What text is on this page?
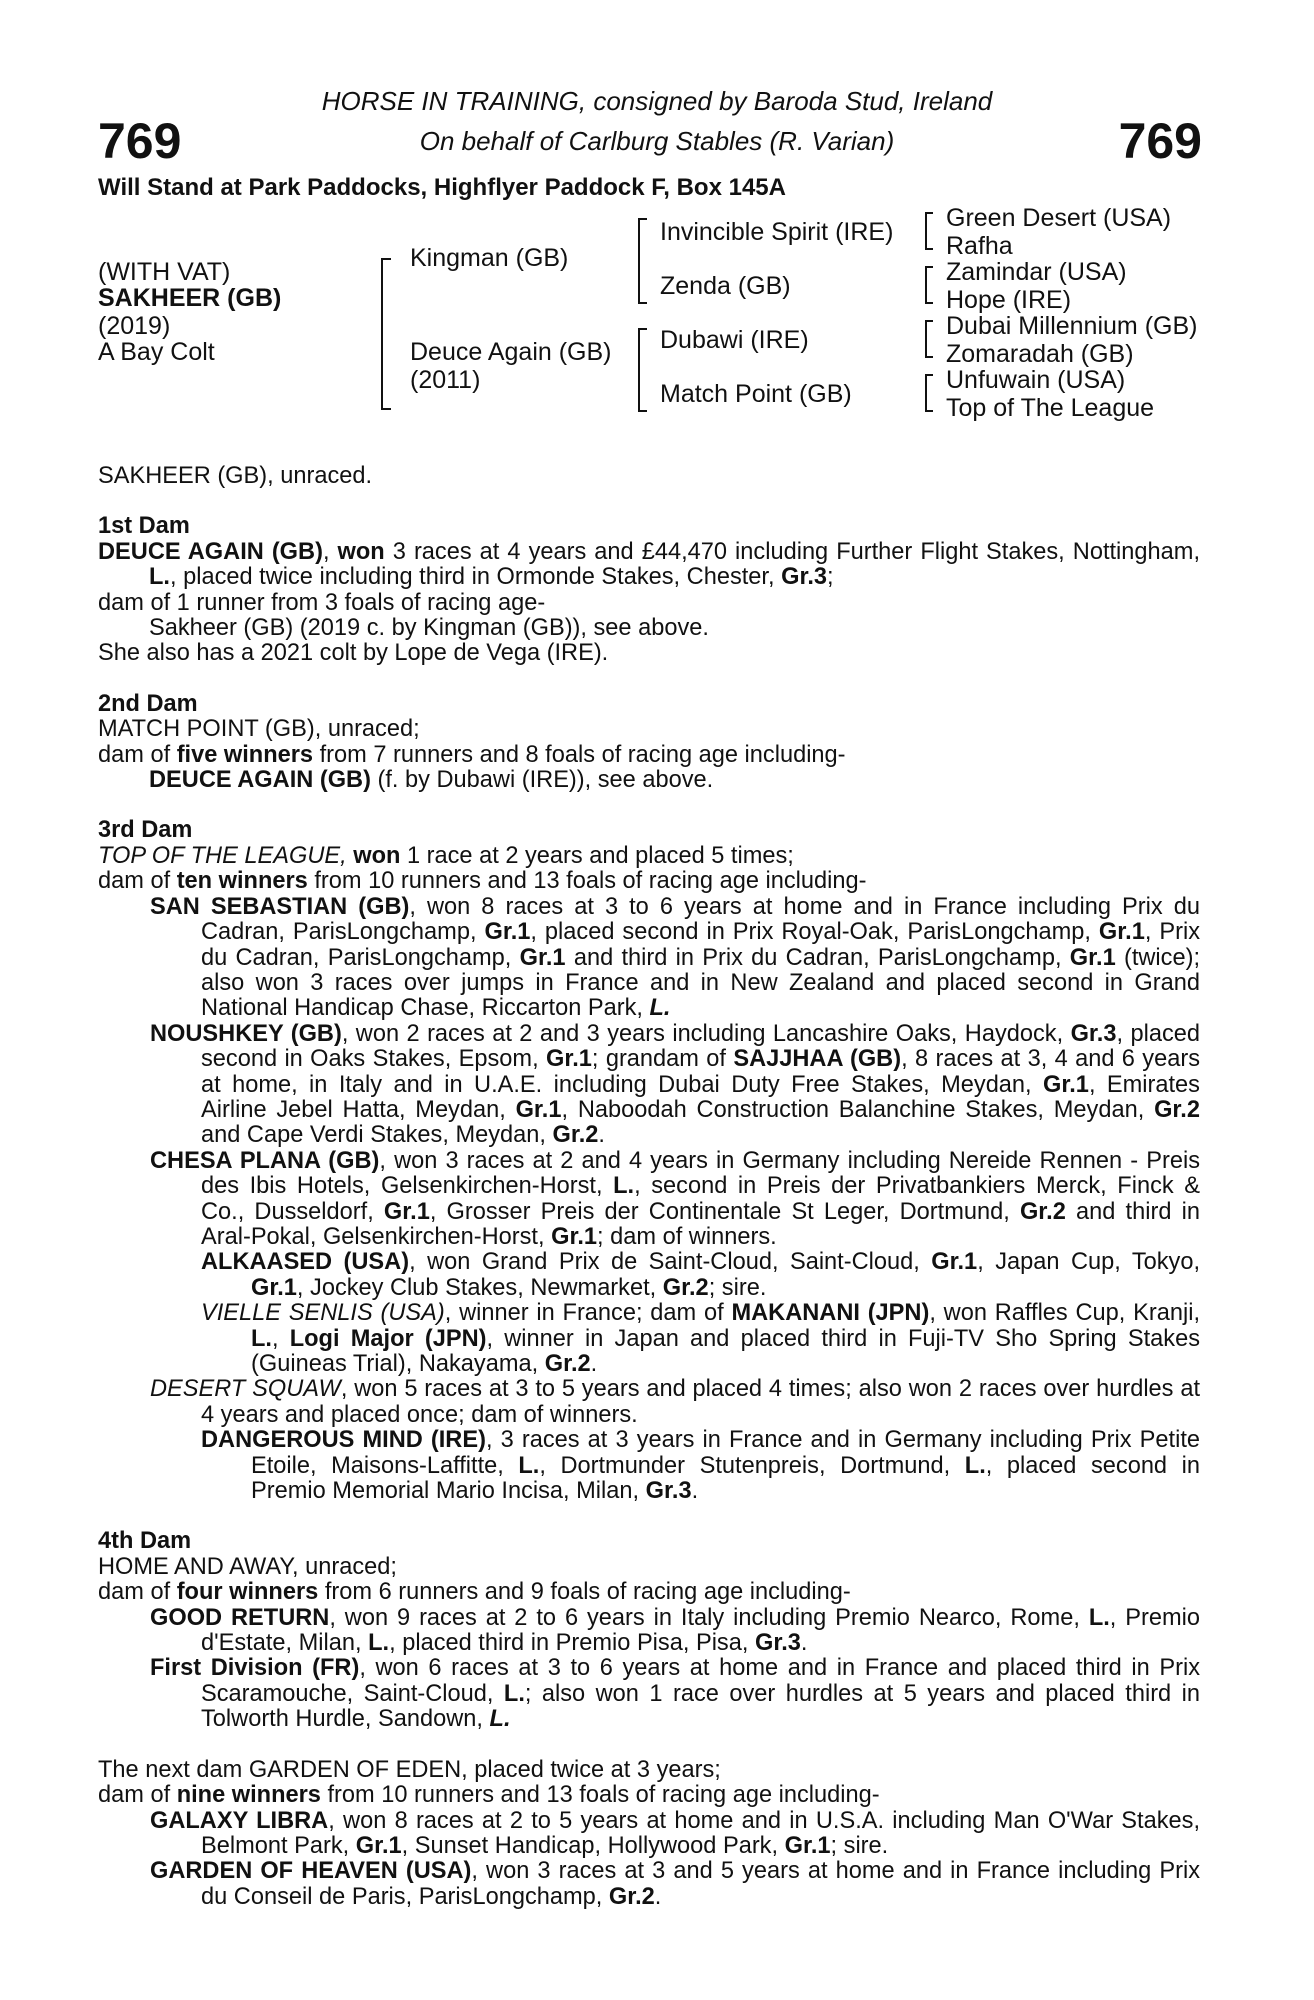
769	769
HORSE IN TRAINING, consigned by Baroda Stud, Ireland
On behalf of Carlburg Stables (R. Varian)
Will Stand at Park Paddocks, Highflyer Paddock F, Box 145A
(WITH VAT)
SAKHEER (GB)
(2019)
A Bay Colt
Kingman (GB)
Deuce Again (GB)
(2011)
Invincible Spirit (IRE)
Zenda (GB)
Dubawi (IRE)
Match Point (GB)
Green Desert (USA)
Rafha
Zamindar (USA)
Hope (IRE)
Dubai Millennium (GB)
Zomaradah (GB)
Unfuwain (USA)
Top of The League
SAKHEER (GB), unraced.
1st Dam
DEUCE AGAIN (GB), won 3 races at 4 years and £44,470 including Further Flight Stakes, Nottingham, L., placed twice including third in Ormonde Stakes, Chester, Gr.3;
dam of 1 runner from 3 foals of racing age-
Sakheer (GB) (2019 c. by Kingman (GB)), see above.
She also has a 2021 colt by Lope de Vega (IRE).
2nd Dam
MATCH POINT (GB), unraced;
dam of five winners from 7 runners and 8 foals of racing age including-
DEUCE AGAIN (GB) (f. by Dubawi (IRE)), see above.
3rd Dam
TOP OF THE LEAGUE, won 1 race at 2 years and placed 5 times;
dam of ten winners from 10 runners and 13 foals of racing age including-
SAN SEBASTIAN (GB), won 8 races at 3 to 6 years at home and in France including Prix du Cadran, ParisLongchamp, Gr.1, placed second in Prix Royal-Oak, ParisLongchamp, Gr.1, Prix du Cadran, ParisLongchamp, Gr.1 and third in Prix du Cadran, ParisLongchamp, Gr.1 (twice); also won 3 races over jumps in France and in New Zealand and placed second in Grand National Handicap Chase, Riccarton Park, L.
NOUSHKEY (GB), won 2 races at 2 and 3 years including Lancashire Oaks, Haydock, Gr.3, placed second in Oaks Stakes, Epsom, Gr.1; grandam of SAJJHAA (GB), 8 races at 3, 4 and 6 years at home, in Italy and in U.A.E. including Dubai Duty Free Stakes, Meydan, Gr.1, Emirates Airline Jebel Hatta, Meydan, Gr.1, Naboodah Construction Balanchine Stakes, Meydan, Gr.2 and Cape Verdi Stakes, Meydan, Gr.2.
CHESA PLANA (GB), won 3 races at 2 and 4 years in Germany including Nereide Rennen - Preis des Ibis Hotels, Gelsenkirchen-Horst, L., second in Preis der Privatbankiers Merck, Finck & Co., Dusseldorf, Gr.1, Grosser Preis der Continentale St Leger, Dortmund, Gr.2 and third in Aral-Pokal, Gelsenkirchen-Horst, Gr.1; dam of winners.
ALKAASED (USA), won Grand Prix de Saint-Cloud, Saint-Cloud, Gr.1, Japan Cup, Tokyo, Gr.1, Jockey Club Stakes, Newmarket, Gr.2; sire.
VIELLE SENLIS (USA), winner in France; dam of MAKANANI (JPN), won Raffles Cup, Kranji, L., Logi Major (JPN), winner in Japan and placed third in Fuji-TV Sho Spring Stakes (Guineas Trial), Nakayama, Gr.2.
DESERT SQUAW, won 5 races at 3 to 5 years and placed 4 times; also won 2 races over hurdles at 4 years and placed once; dam of winners.
DANGEROUS MIND (IRE), 3 races at 3 years in France and in Germany including Prix Petite Etoile, Maisons-Laffitte, L., Dortmunder Stutenpreis, Dortmund, L., placed second in Premio Memorial Mario Incisa, Milan, Gr.3.
4th Dam
HOME AND AWAY, unraced;
dam of four winners from 6 runners and 9 foals of racing age including-
GOOD RETURN, won 9 races at 2 to 6 years in Italy including Premio Nearco, Rome, L., Premio d'Estate, Milan, L., placed third in Premio Pisa, Pisa, Gr.3.
First Division (FR), won 6 races at 3 to 6 years at home and in France and placed third in Prix Scaramouche, Saint-Cloud, L.; also won 1 race over hurdles at 5 years and placed third in Tolworth Hurdle, Sandown, L.
The next dam GARDEN OF EDEN, placed twice at 3 years;
dam of nine winners from 10 runners and 13 foals of racing age including-
GALAXY LIBRA, won 8 races at 2 to 5 years at home and in U.S.A. including Man O'War Stakes, Belmont Park, Gr.1, Sunset Handicap, Hollywood Park, Gr.1; sire.
GARDEN OF HEAVEN (USA), won 3 races at 3 and 5 years at home and in France including Prix du Conseil de Paris, ParisLongchamp, Gr.2.
